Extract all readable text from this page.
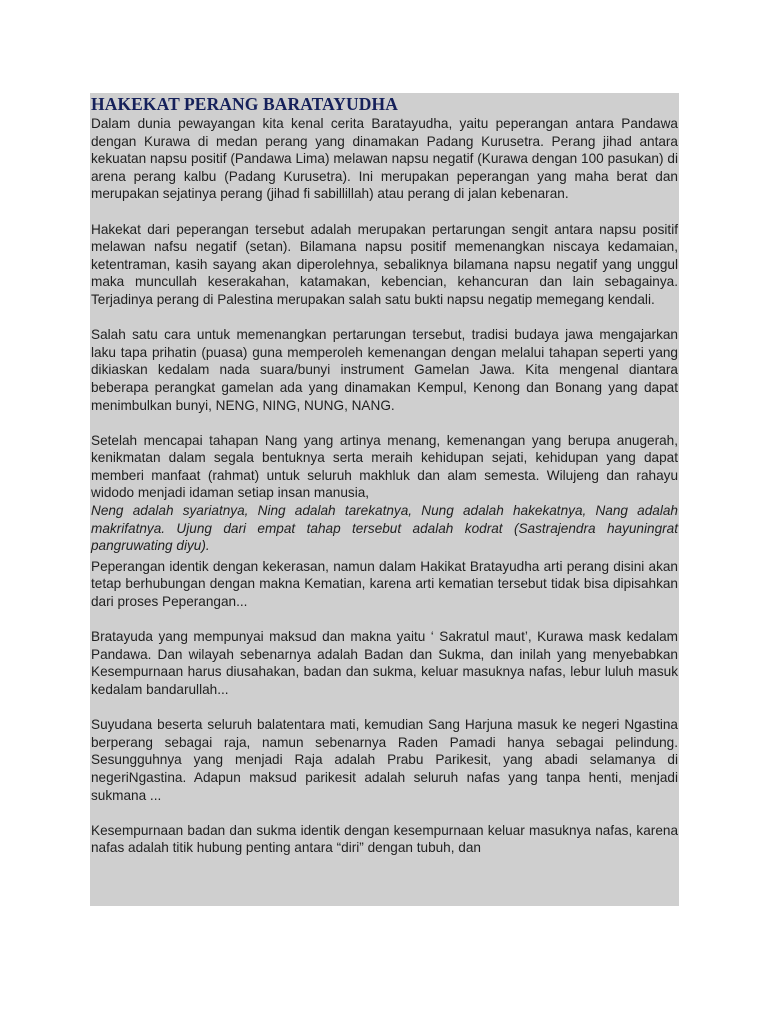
HAKEKAT PERANG BARATAYUDHA

Dalam dunia pewayangan kita kenal cerita Baratayudha, yaitu peperangan antara Pandawa dengan Kurawa di medan perang yang dinamakan Padang Kurusetra. Perang jihad antara kekuatan napsu positif (Pandawa Lima) melawan napsu negatif (Kurawa dengan 100 pasukan) di arena perang kalbu (Padang Kurusetra). Ini merupakan peperangan yang maha berat dan merupakan sejatinya perang (jihad fi sabillillah) atau perang di jalan kebenaran.

Hakekat dari peperangan tersebut adalah merupakan pertarungan sengit antara napsu positif melawan nafsu negatif (setan). Bilamana napsu positif memenangkan niscaya kedamaian, ketentraman, kasih sayang akan diperolehnya, sebaliknya bilamana napsu negatif yang unggul maka muncullah keserakahan, katamakan, kebencian, kehancuran dan lain sebagainya. Terjadinya perang di Palestina merupakan salah satu bukti napsu negatip memegang kendali.

Salah satu cara untuk memenangkan pertarungan tersebut, tradisi budaya jawa mengajarkan laku tapa prihatin (puasa) guna memperoleh kemenangan dengan melalui tahapan seperti yang dikiaskan kedalam nada suara/bunyi instrument Gamelan Jawa. Kita mengenal diantara beberapa perangkat gamelan ada yang dinamakan Kempul, Kenong dan Bonang yang dapat menimbulkan bunyi, NENG, NING, NUNG, NANG.

Setelah mencapai tahapan Nang yang artinya menang, kemenangan yang berupa anugerah, kenikmatan dalam segala bentuknya serta meraih kehidupan sejati, kehidupan yang dapat memberi manfaat (rahmat) untuk seluruh makhluk dan alam semesta. Wilujeng dan rahayu widodo menjadi idaman setiap insan manusia,

Neng adalah syariatnya, Ning adalah tarekatnya, Nung adalah hakekatnya, Nang adalah makrifatnya. Ujung dari empat tahap tersebut adalah kodrat (Sastrajendra hayuningrat pangruwating diyu).

Peperangan identik dengan kekerasan, namun dalam Hakikat Bratayudha arti perang disini akan tetap berhubungan dengan makna Kematian, karena arti kematian tersebut tidak bisa dipisahkan dari proses Peperangan...

Bratayuda yang mempunyai maksud dan makna yaitu ‘ Sakratul maut’, Kurawa mask kedalam Pandawa. Dan wilayah sebenarnya adalah Badan dan Sukma, dan inilah yang menyebabkan Kesempurnaan harus diusahakan, badan dan sukma, keluar masuknya nafas, lebur luluh masuk kedalam bandarullah...

Suyudana beserta seluruh balatentara mati, kemudian Sang Harjuna masuk ke negeri Ngastina berperang sebagai raja, namun sebenarnya Raden Pamadi hanya sebagai pelindung. Sesungguhnya yang menjadi Raja adalah Prabu Parikesit, yang abadi selamanya di negeriNgastina. Adapun maksud parikesit adalah seluruh nafas yang tanpa henti, menjadi sukmana ...

Kesempurnaan badan dan sukma identik dengan kesempurnaan keluar masuknya nafas, karena nafas adalah titik hubung penting antara “diri” dengan tubuh, dan
